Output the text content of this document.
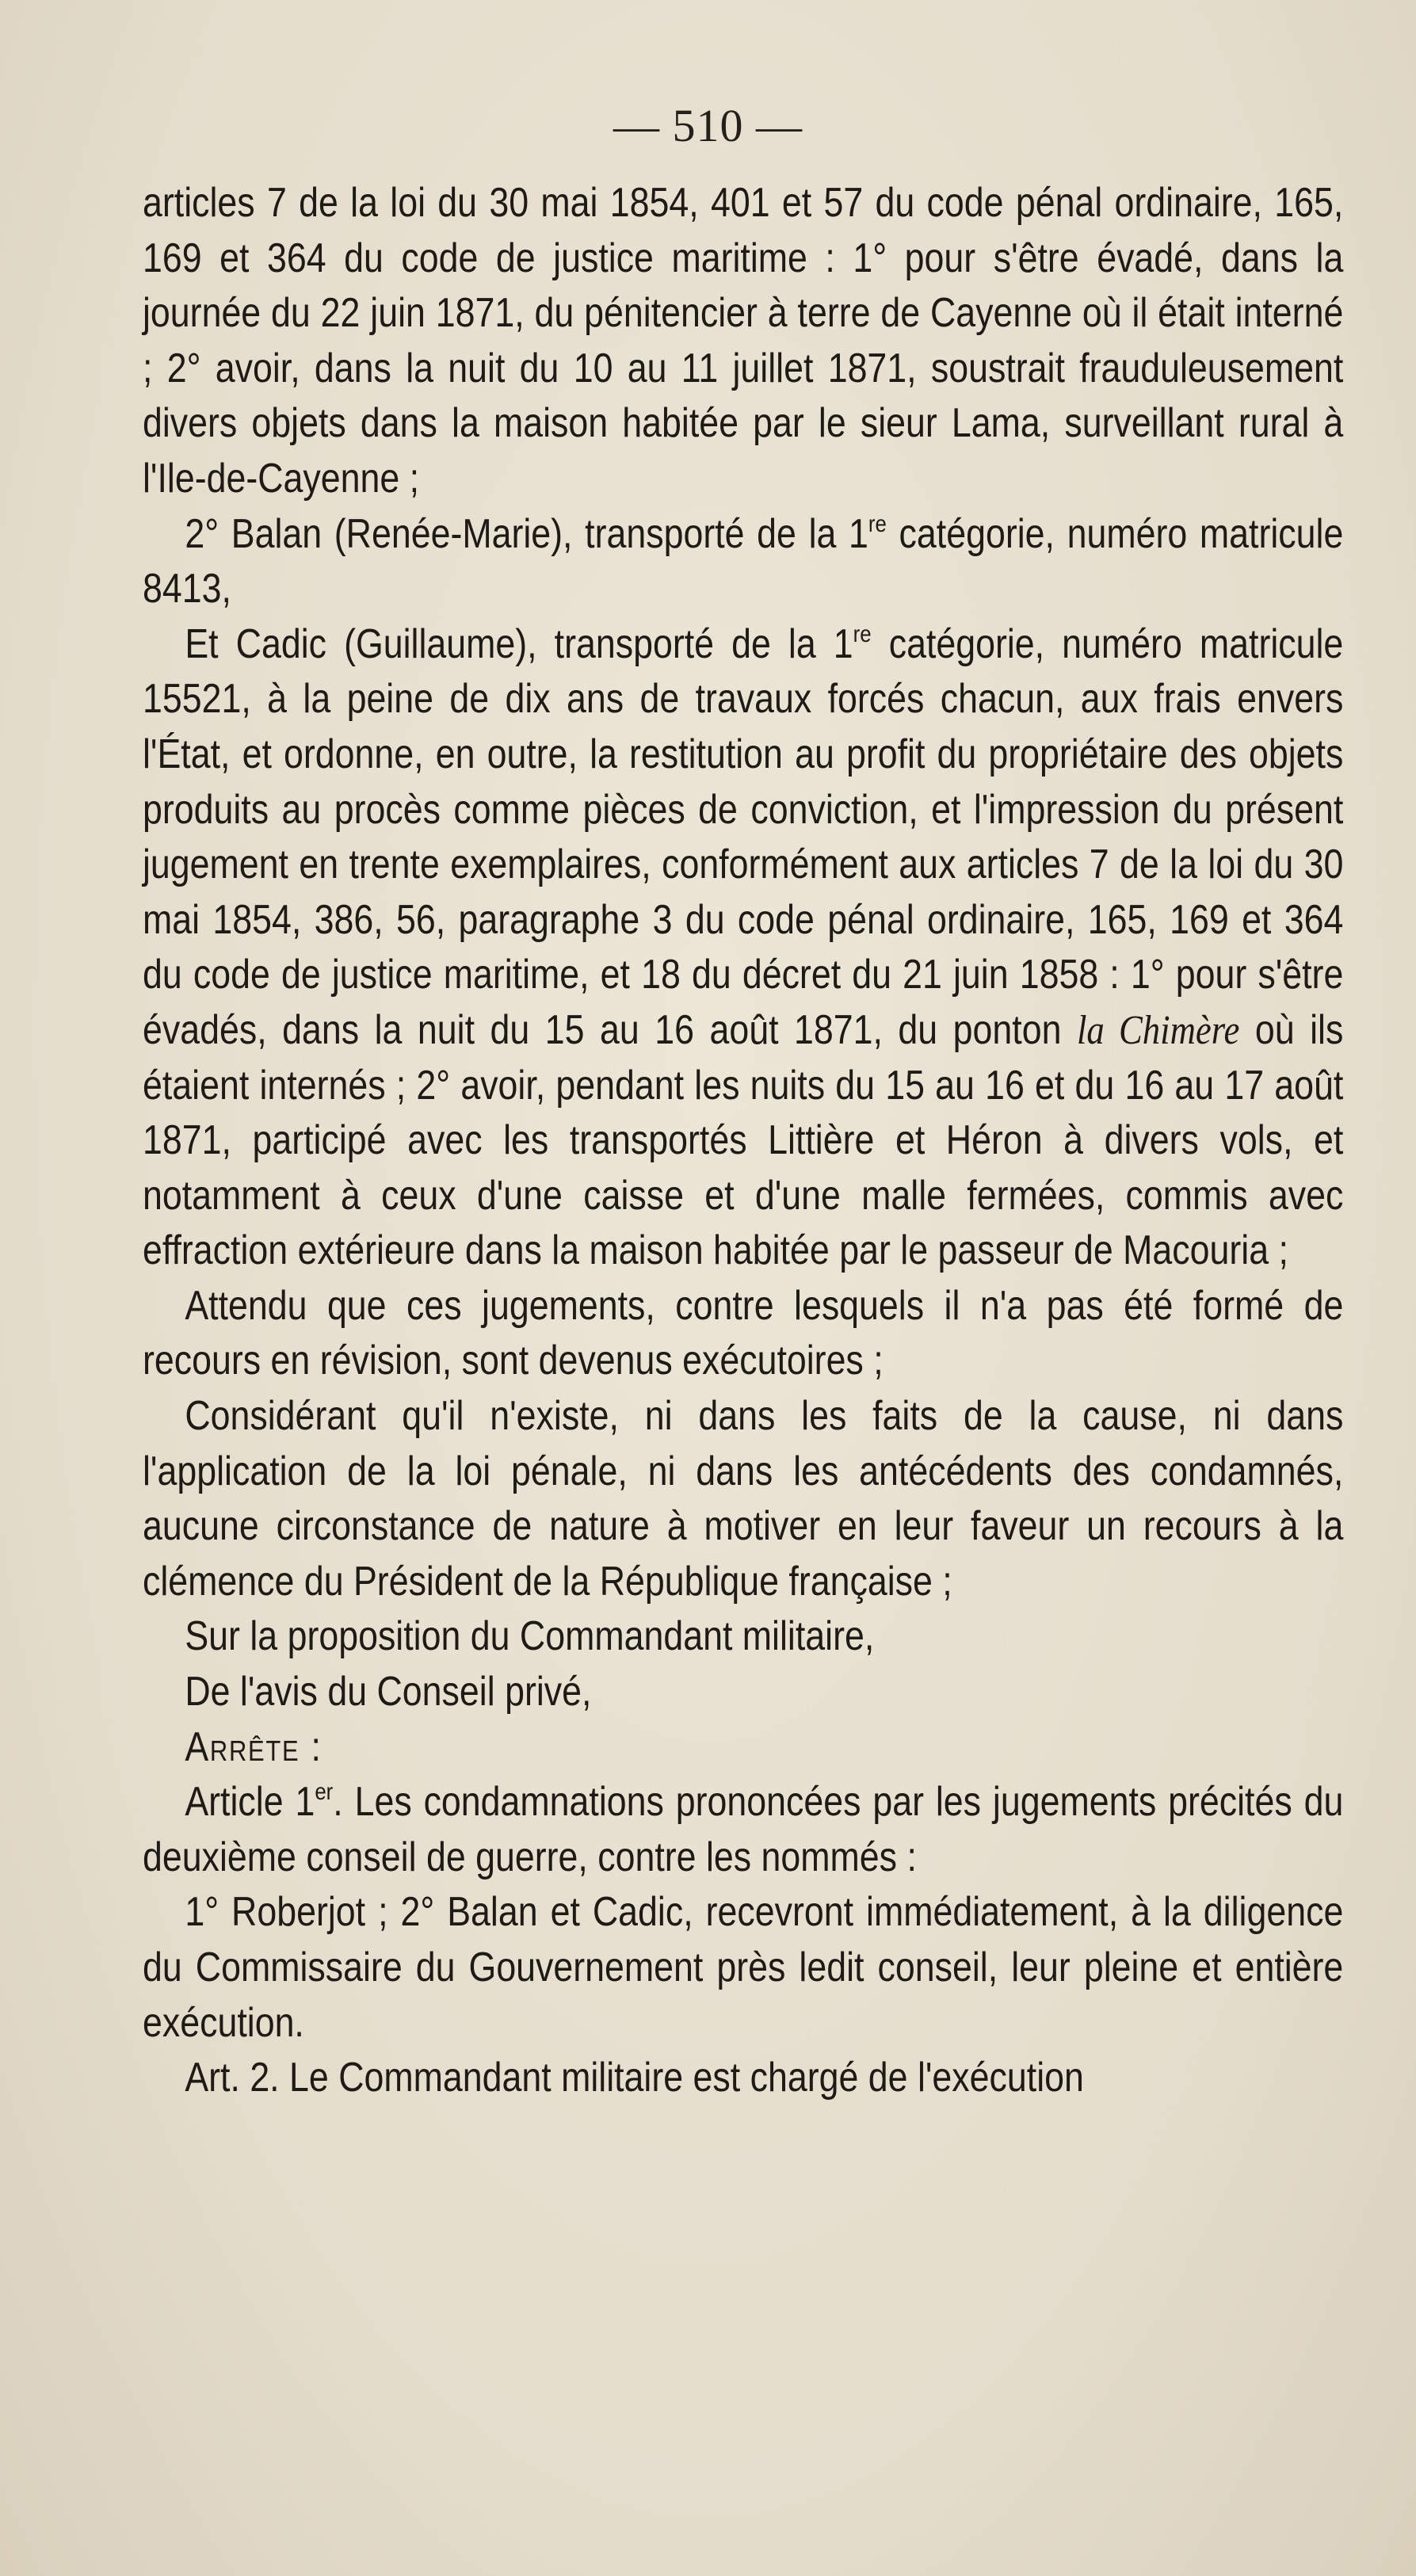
— 510 —

articles 7 de la loi du 30 mai 1854, 401 et 57 du code pénal ordinaire, 165, 169 et 364 du code de justice maritime : 1° pour s'être évadé, dans la journée du 22 juin 1871, du pénitencier à terre de Cayenne où il était interné ; 2° avoir, dans la nuit du 10 au 11 juillet 1871, soustrait frauduleusement divers objets dans la maison habitée par le sieur Lama, surveillant rural à l'Ile-de-Cayenne ;

2° Balan (Renée-Marie), transporté de la 1re catégorie, numéro matricule 8413,

Et Cadic (Guillaume), transporté de la 1re catégorie, numéro matricule 15521, à la peine de dix ans de travaux forcés chacun, aux frais envers l'État, et ordonne, en outre, la restitution au profit du propriétaire des objets produits au procès comme pièces de conviction, et l'impression du présent jugement en trente exemplaires, conformément aux articles 7 de la loi du 30 mai 1854, 386, 56, paragraphe 3 du code pénal ordinaire, 165, 169 et 364 du code de justice maritime, et 18 du décret du 21 juin 1858 : 1° pour s'être évadés, dans la nuit du 15 au 16 août 1871, du ponton la Chimère où ils étaient internés ; 2° avoir, pendant les nuits du 15 au 16 et du 16 au 17 août 1871, participé avec les transportés Littière et Héron à divers vols, et notamment à ceux d'une caisse et d'une malle fermées, commis avec effraction extérieure dans la maison habitée par le passeur de Macouria ;

Attendu que ces jugements, contre lesquels il n'a pas été formé de recours en révision, sont devenus exécutoires ;

Considérant qu'il n'existe, ni dans les faits de la cause, ni dans l'application de la loi pénale, ni dans les antécédents des condamnés, aucune circonstance de nature à motiver en leur faveur un recours à la clémence du Président de la République française ;

Sur la proposition du Commandant militaire,

De l'avis du Conseil privé,

Arrête :

Article 1er. Les condamnations prononcées par les jugements précités du deuxième conseil de guerre, contre les nommés :

1° Roberjot ; 2° Balan et Cadic, recevront immédiatement, à la diligence du Commissaire du Gouvernement près ledit conseil, leur pleine et entière exécution.

Art. 2. Le Commandant militaire est chargé de l'exécution
